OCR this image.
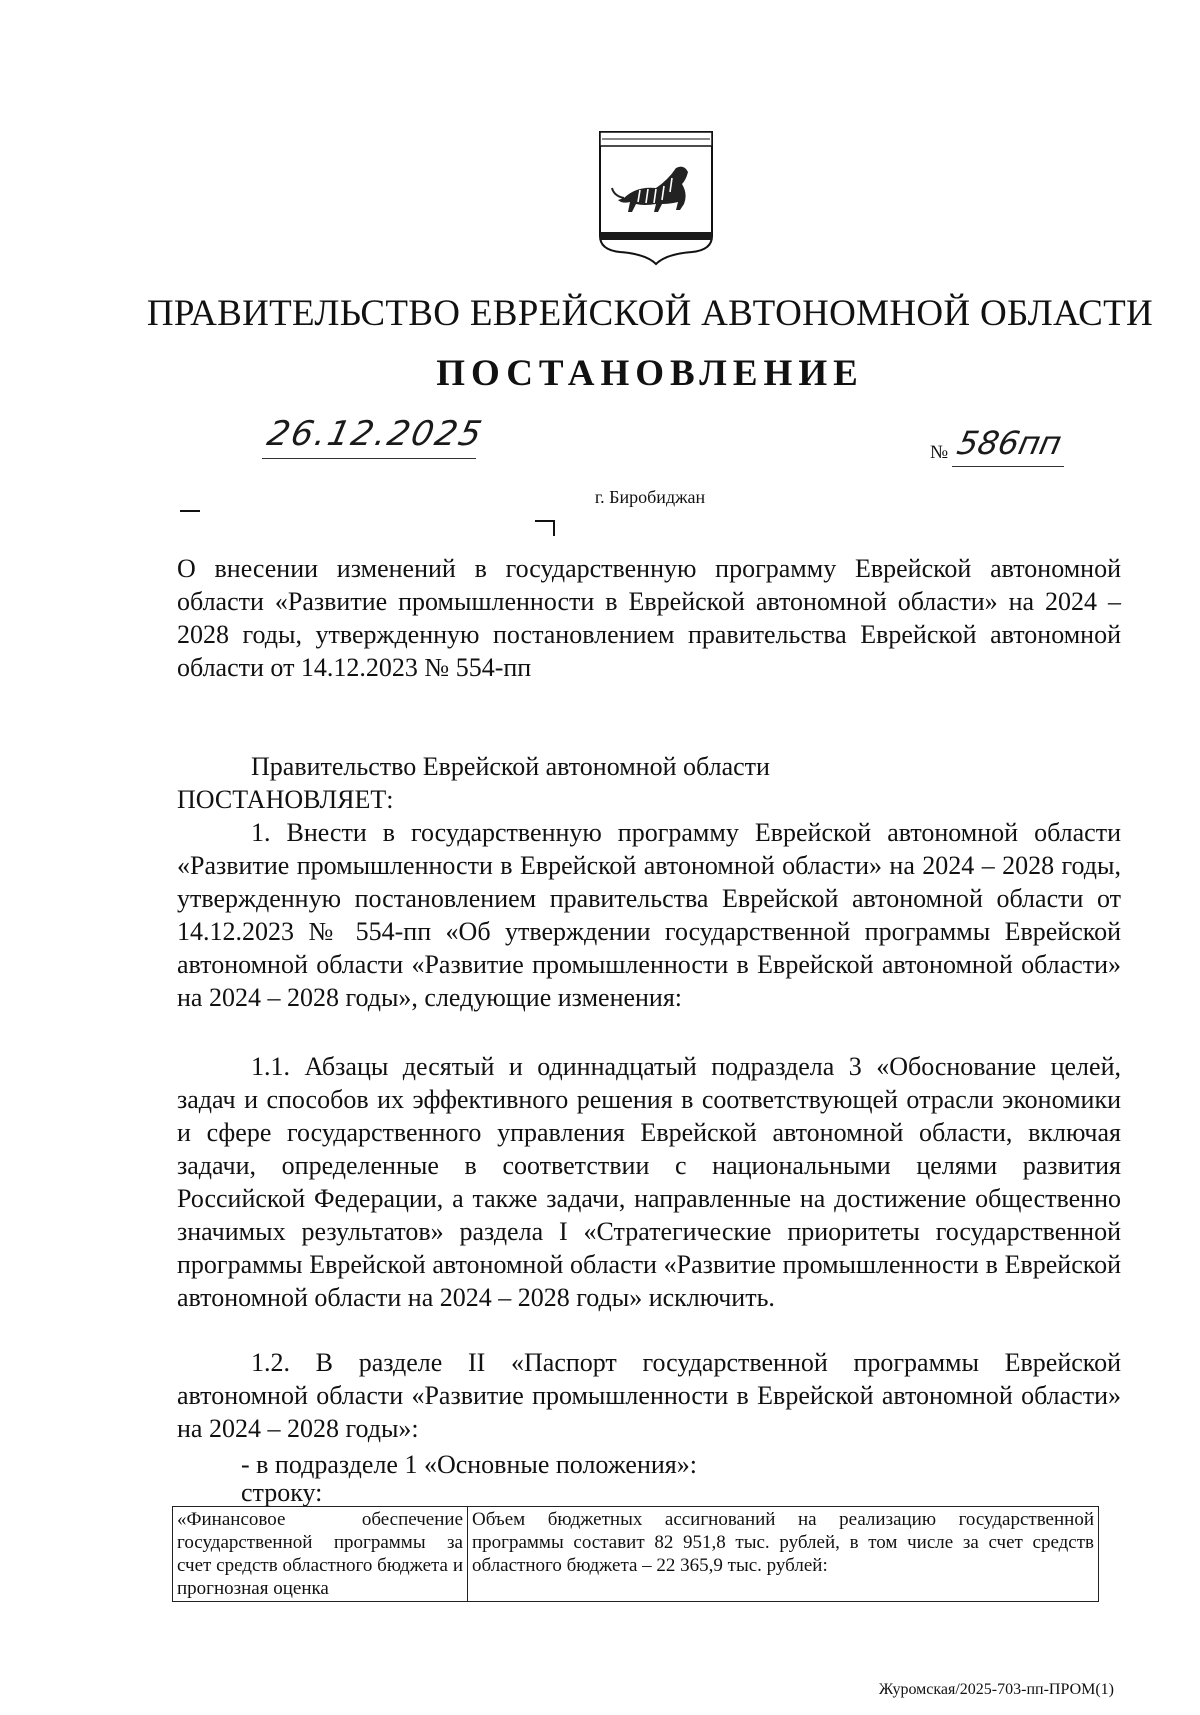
ПРАВИТЕЛЬСТВО ЕВРЕЙСКОЙ АВТОНОМНОЙ ОБЛАСТИ
ПОСТАНОВЛЕНИЕ
26.12.2025	№ 586пп
г. Биробиджан
О внесении изменений в государственную программу Еврейской автономной области «Развитие промышленности в Еврейской автономной области» на 2024 – 2028 годы, утвержденную постановлением правительства Еврейской автономной области от 14.12.2023 № 554-пп
Правительство Еврейской автономной области
ПОСТАНОВЛЯЕТ:
1. Внести в государственную программу Еврейской автономной области «Развитие промышленности в Еврейской автономной области» на 2024 – 2028 годы, утвержденную постановлением правительства Еврейской автономной области от 14.12.2023 № 554-пп «Об утверждении государственной программы Еврейской автономной области «Развитие промышленности в Еврейской автономной области» на 2024 – 2028 годы», следующие изменения:
1.1. Абзацы десятый и одиннадцатый подраздела 3 «Обоснование целей, задач и способов их эффективного решения в соответствующей отрасли экономики и сфере государственного управления Еврейской автономной области, включая задачи, определенные в соответствии с национальными целями развития Российской Федерации, а также задачи, направленные на достижение общественно значимых результатов» раздела I «Стратегические приоритеты государственной программы Еврейской автономной области «Развитие промышленности в Еврейской автономной области на 2024 – 2028 годы» исключить.
1.2. В разделе II «Паспорт государственной программы Еврейской автономной области «Развитие промышленности в Еврейской автономной области» на 2024 – 2028 годы»:
- в подразделе 1 «Основные положения»:
строку:
«Финансовое обеспечение государственной программы за счет средств областного бюджета и прогнозная оценка	Объем бюджетных ассигнований на реализацию государственной программы составит 82 951,8 тыс. рублей, в том числе за счет средств областного бюджета – 22 365,9 тыс. рублей:
Журомская/2025-703-пп-ПРОМ(1)
